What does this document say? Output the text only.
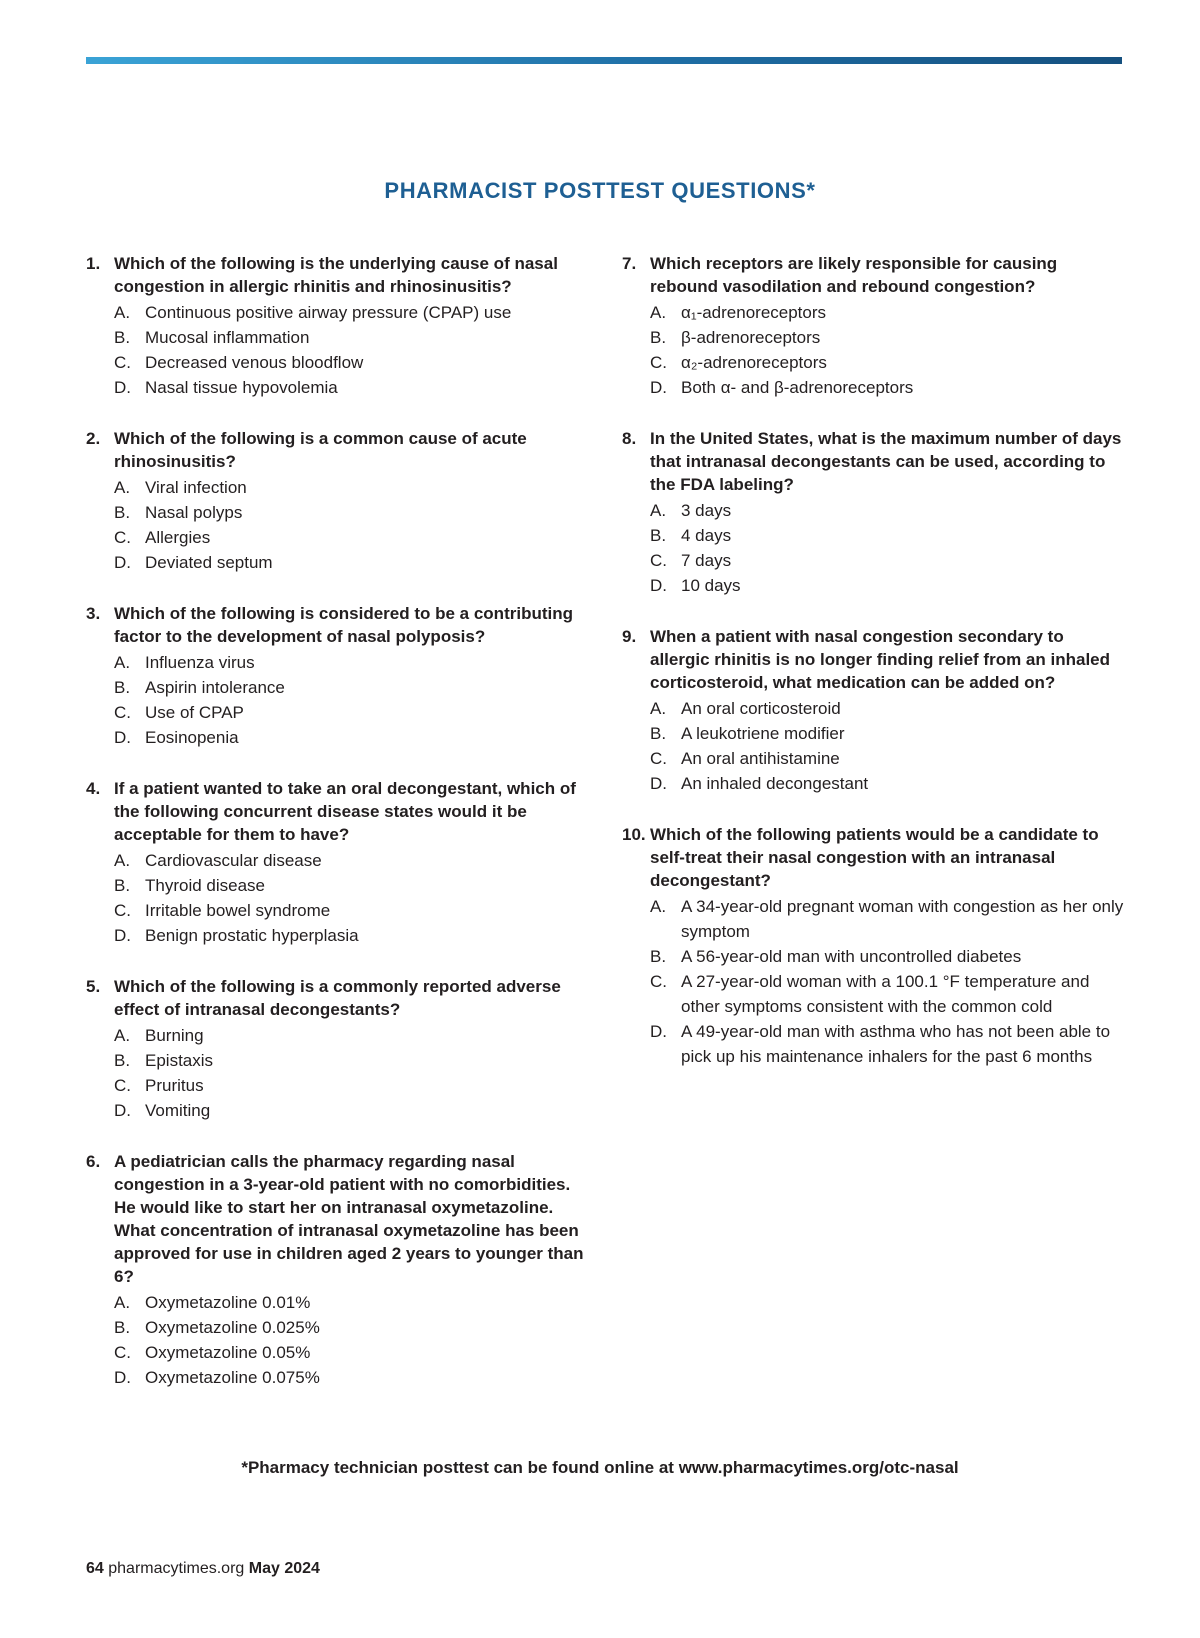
PHARMACIST POSTTEST QUESTIONS*
1. Which of the following is the underlying cause of nasal congestion in allergic rhinitis and rhinosinusitis?
A. Continuous positive airway pressure (CPAP) use
B. Mucosal inflammation
C. Decreased venous bloodflow
D. Nasal tissue hypovolemia
2. Which of the following is a common cause of acute rhinosinusitis?
A. Viral infection
B. Nasal polyps
C. Allergies
D. Deviated septum
3. Which of the following is considered to be a contributing factor to the development of nasal polyposis?
A. Influenza virus
B. Aspirin intolerance
C. Use of CPAP
D. Eosinopenia
4. If a patient wanted to take an oral decongestant, which of the following concurrent disease states would it be acceptable for them to have?
A. Cardiovascular disease
B. Thyroid disease
C. Irritable bowel syndrome
D. Benign prostatic hyperplasia
5. Which of the following is a commonly reported adverse effect of intranasal decongestants?
A. Burning
B. Epistaxis
C. Pruritus
D. Vomiting
6. A pediatrician calls the pharmacy regarding nasal congestion in a 3-year-old patient with no comorbidities. He would like to start her on intranasal oxymetazoline. What concentration of intranasal oxymetazoline has been approved for use in children aged 2 years to younger than 6?
A. Oxymetazoline 0.01%
B. Oxymetazoline 0.025%
C. Oxymetazoline 0.05%
D. Oxymetazoline 0.075%
7. Which receptors are likely responsible for causing rebound vasodilation and rebound congestion?
A. α₁-adrenoreceptors
B. β-adrenoreceptors
C. α₂-adrenoreceptors
D. Both α- and β-adrenoreceptors
8. In the United States, what is the maximum number of days that intranasal decongestants can be used, according to the FDA labeling?
A. 3 days
B. 4 days
C. 7 days
D. 10 days
9. When a patient with nasal congestion secondary to allergic rhinitis is no longer finding relief from an inhaled corticosteroid, what medication can be added on?
A. An oral corticosteroid
B. A leukotriene modifier
C. An oral antihistamine
D. An inhaled decongestant
10. Which of the following patients would be a candidate to self-treat their nasal congestion with an intranasal decongestant?
A. A 34-year-old pregnant woman with congestion as her only symptom
B. A 56-year-old man with uncontrolled diabetes
C. A 27-year-old woman with a 100.1 °F temperature and other symptoms consistent with the common cold
D. A 49-year-old man with asthma who has not been able to pick up his maintenance inhalers for the past 6 months
*Pharmacy technician posttest can be found online at www.pharmacytimes.org/otc-nasal
64 pharmacytimes.org May 2024
